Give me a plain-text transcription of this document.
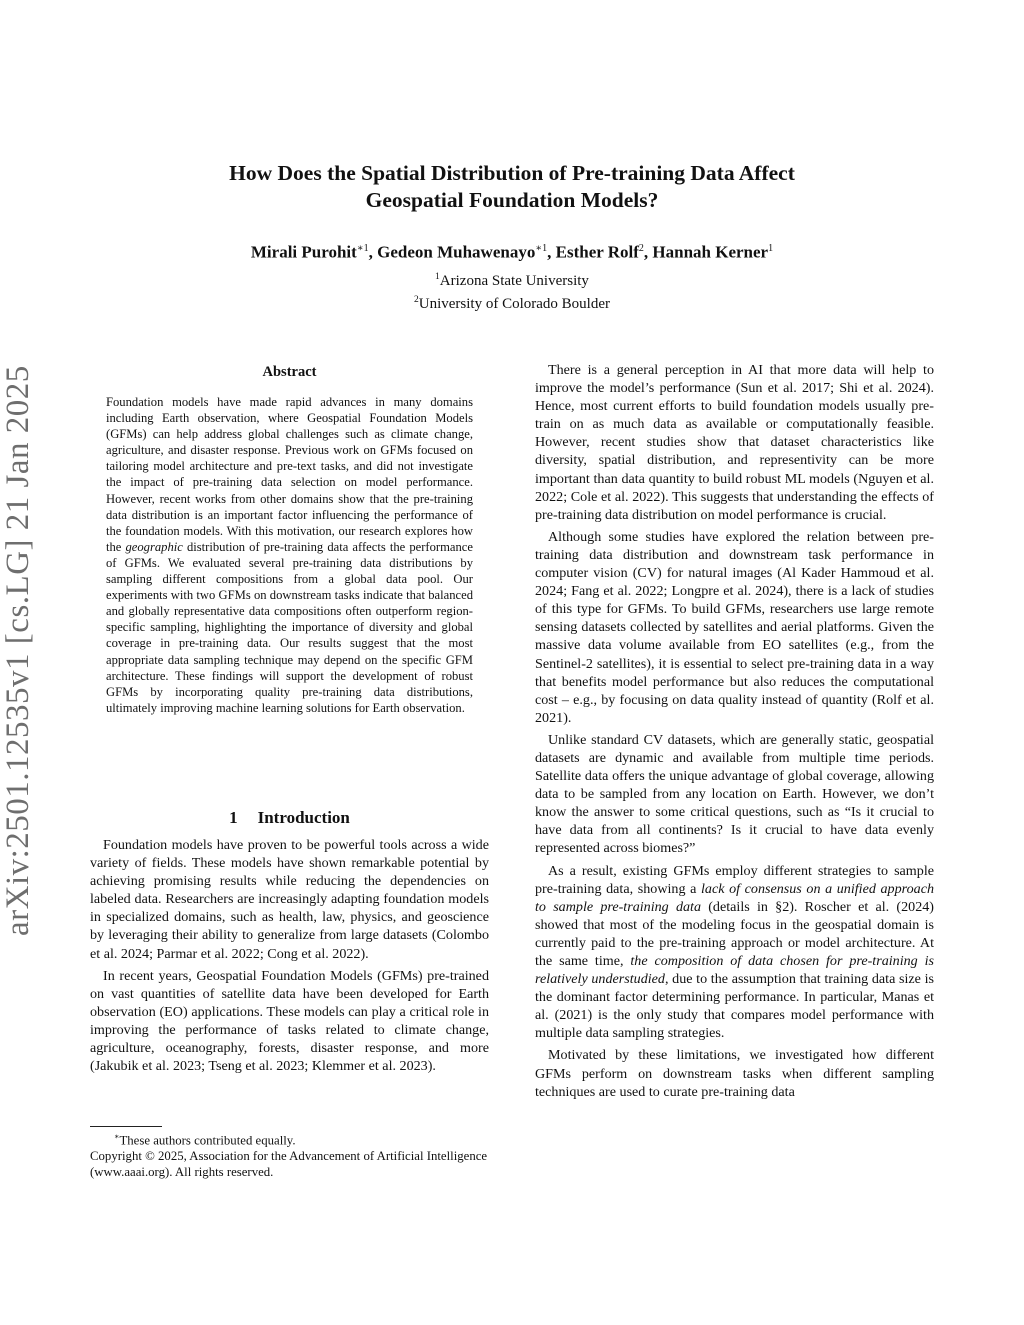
arXiv:2501.12535v1 [cs.LG] 21 Jan 2025
How Does the Spatial Distribution of Pre-training Data Affect
Geospatial Foundation Models?
Mirali Purohit$^{∗1}$, Gedeon Muhawenayo$^{∗1}$, Esther Rolf$^2$, Hannah Kerner$^1$
$^1$Arizona State University
$^2$University of Colorado Boulder
Abstract
Foundation models have made rapid advances in many domains including Earth observation, where Geospatial Foundation Models (GFMs) can help address global challenges such as climate change, agriculture, and disaster response. Previous work on GFMs focused on tailoring model architecture and pre-text tasks, and did not investigate the impact of pre-training data selection on model performance. However, recent works from other domains show that the pre-training data distribution is an important factor influencing the performance of the foundation models. With this motivation, our research explores how the geographic distribution of pre-training data affects the performance of GFMs. We evaluated several pre-training data distributions by sampling different compositions from a global data pool. Our experiments with two GFMs on downstream tasks indicate that balanced and globally representative data compositions often outperform region-specific sampling, highlighting the importance of diversity and global coverage in pre-training data. Our results suggest that the most appropriate data sampling technique may depend on the specific GFM architecture. These findings will support the development of robust GFMs by incorporating quality pre-training data distributions, ultimately improving machine learning solutions for Earth observation.
1 Introduction

Foundation models have proven to be powerful tools across a wide variety of fields. These models have shown remarkable potential by achieving promising results while reducing the dependencies on labeled data. Researchers are increasingly adapting foundation models in specialized domains, such as health, law, physics, and geoscience by leveraging their ability to generalize from large datasets (Colombo et al. 2024; Parmar et al. 2022; Cong et al. 2022).

In recent years, Geospatial Foundation Models (GFMs) pre-trained on vast quantities of satellite data have been developed for Earth observation (EO) applications. These models can play a critical role in improving the performance of tasks related to climate change, agriculture, oceanography, forests, disaster response, and more (Jakubik et al. 2023; Tseng et al. 2023; Klemmer et al. 2023).

∗These authors contributed equally.
Copyright © 2025, Association for the Advancement of Artificial Intelligence (www.aaai.org). All rights reserved.

There is a general perception in AI that more data will help to improve the model’s performance (Sun et al. 2017; Shi et al. 2024). Hence, most current efforts to build foundation models usually pre-train on as much data as available or computationally feasible. However, recent studies show that dataset characteristics like diversity, spatial distribution, and representivity can be more important than data quantity to build robust ML models (Nguyen et al. 2022; Cole et al. 2022). This suggests that understanding the effects of pre-training data distribution on model performance is crucial.

Although some studies have explored the relation between pre-training data distribution and downstream task performance in computer vision (CV) for natural images (Al Kader Hammoud et al. 2024; Fang et al. 2022; Longpre et al. 2024), there is a lack of studies of this type for GFMs. To build GFMs, researchers use large remote sensing datasets collected by satellites and aerial platforms. Given the massive data volume available from EO satellites (e.g., from the Sentinel-2 satellites), it is essential to select pre-training data in a way that benefits model performance but also reduces the computational cost – e.g., by focusing on data quality instead of quantity (Rolf et al. 2021).

Unlike standard CV datasets, which are generally static, geospatial datasets are dynamic and available from multiple time periods. Satellite data offers the unique advantage of global coverage, allowing data to be sampled from any location on Earth. However, we don’t know the answer to some critical questions, such as “Is it crucial to have data from all continents? Is it crucial to have data evenly represented across biomes?”

As a result, existing GFMs employ different strategies to sample pre-training data, showing a lack of consensus on a unified approach to sample pre-training data (details in §2). Roscher et al. (2024) showed that most of the modeling focus in the geospatial domain is currently paid to the pre-training approach or model architecture. At the same time, the composition of data chosen for pre-training is relatively understudied, due to the assumption that training data size is the dominant factor determining performance. In particular, Manas et al. (2021) is the only study that compares model performance with multiple data sampling strategies.

Motivated by these limitations, we investigated how different GFMs perform on downstream tasks when different sampling techniques are used to curate pre-training data
